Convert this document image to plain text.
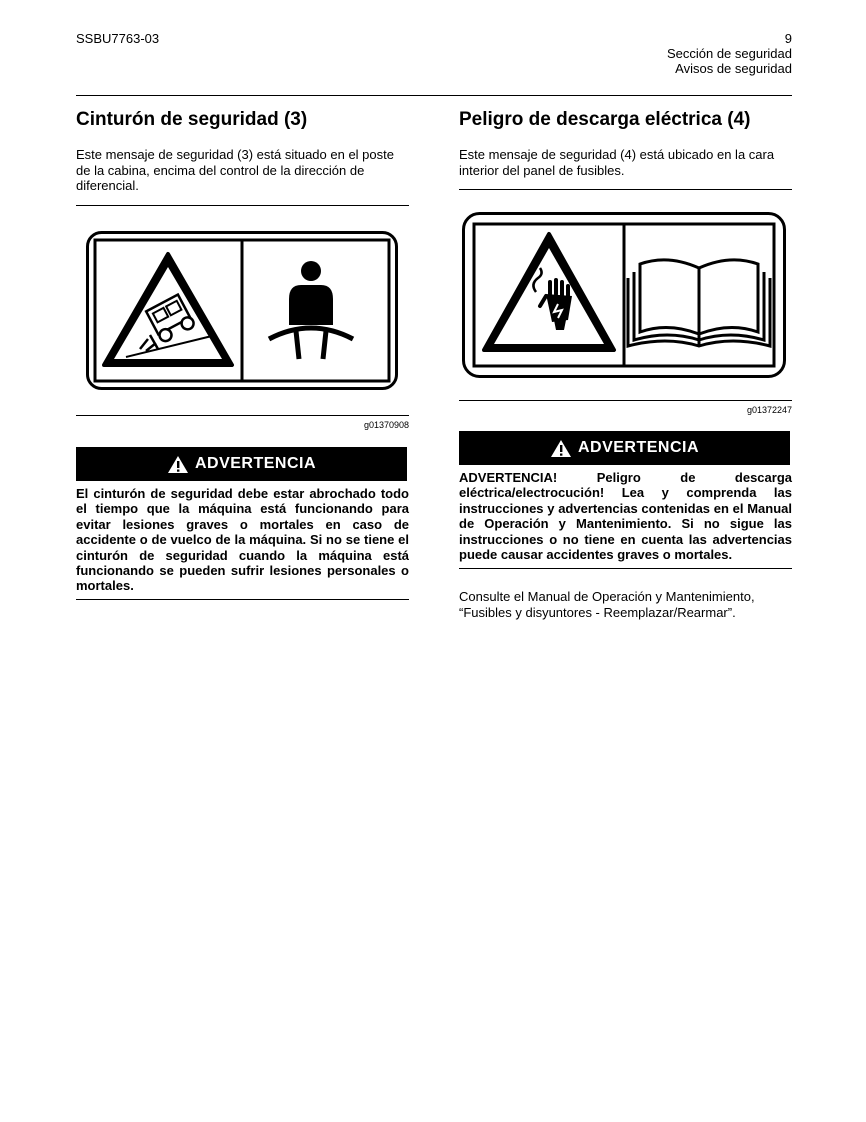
SSBU7763-03	9
Sección de seguridad
Avisos de seguridad
Cinturón de seguridad (3)
Este mensaje de seguridad (3) está situado en el poste de la cabina, encima del control de la dirección de diferencial.
g01370908
ADVERTENCIA
El cinturón de seguridad debe estar abrochado todo el tiempo que la máquina está funcionando para evitar lesiones graves o mortales en caso de accidente o de vuelco de la máquina. Si no se tiene el cinturón de seguridad cuando la máquina está funcionando se pueden sufrir lesiones personales o mortales.
Peligro de descarga eléctrica (4)
Este mensaje de seguridad (4) está ubicado en la cara interior del panel de fusibles.
g01372247
ADVERTENCIA
ADVERTENCIA! Peligro de descarga eléctrica/electrocución! Lea y comprenda las instrucciones y advertencias contenidas en el Manual de Operación y Mantenimiento. Si no sigue las instrucciones o no tiene en cuenta las advertencias puede causar accidentes graves o mortales.
Consulte el Manual de Operación y Mantenimiento, “Fusibles y disyuntores - Reemplazar/Rearmar”.
